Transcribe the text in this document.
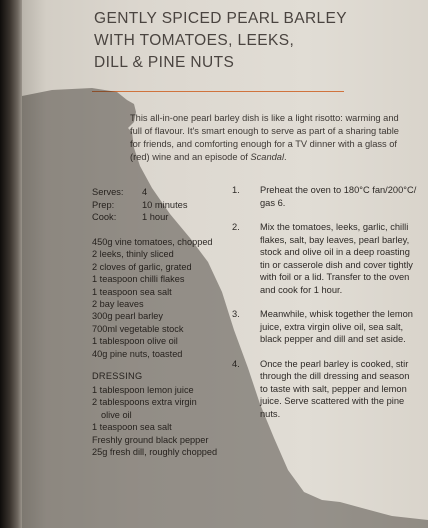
GENTLY SPICED PEARL BARLEY
WITH TOMATOES, LEEKS,
DILL & PINE NUTS

This all-in-one pearl barley dish is like a light risotto: warming and full of flavour. It's smart enough to serve as part of a sharing table for friends, and comforting enough for a TV dinner with a glass of (red) wine and an episode of Scandal.

Serves:	4
Prep:	10 minutes
Cook:	1 hour
450g vine tomatoes, chopped
2 leeks, thinly sliced
2 cloves of garlic, grated
1 teaspoon chilli flakes
1 teaspoon sea salt
2 bay leaves
300g pearl barley
700ml vegetable stock
1 tablespoon olive oil
40g pine nuts, toasted
DRESSING
1 tablespoon lemon juice
2 tablespoons extra virgin
olive oil
1 teaspoon sea salt
Freshly ground black pepper
25g fresh dill, roughly chopped
1. Preheat the oven to 180°C fan/200°C/ gas 6.
2. Mix the tomatoes, leeks, garlic, chilli flakes, salt, bay leaves, pearl barley, stock and olive oil in a deep roasting tin or casserole dish and cover tightly with foil or a lid. Transfer to the oven and cook for 1 hour.
3. Meanwhile, whisk together the lemon juice, extra virgin olive oil, sea salt, black pepper and dill and set aside.
4. Once the pearl barley is cooked, stir through the dill dressing and season to taste with salt, pepper and lemon juice. Serve scattered with the pine nuts.
